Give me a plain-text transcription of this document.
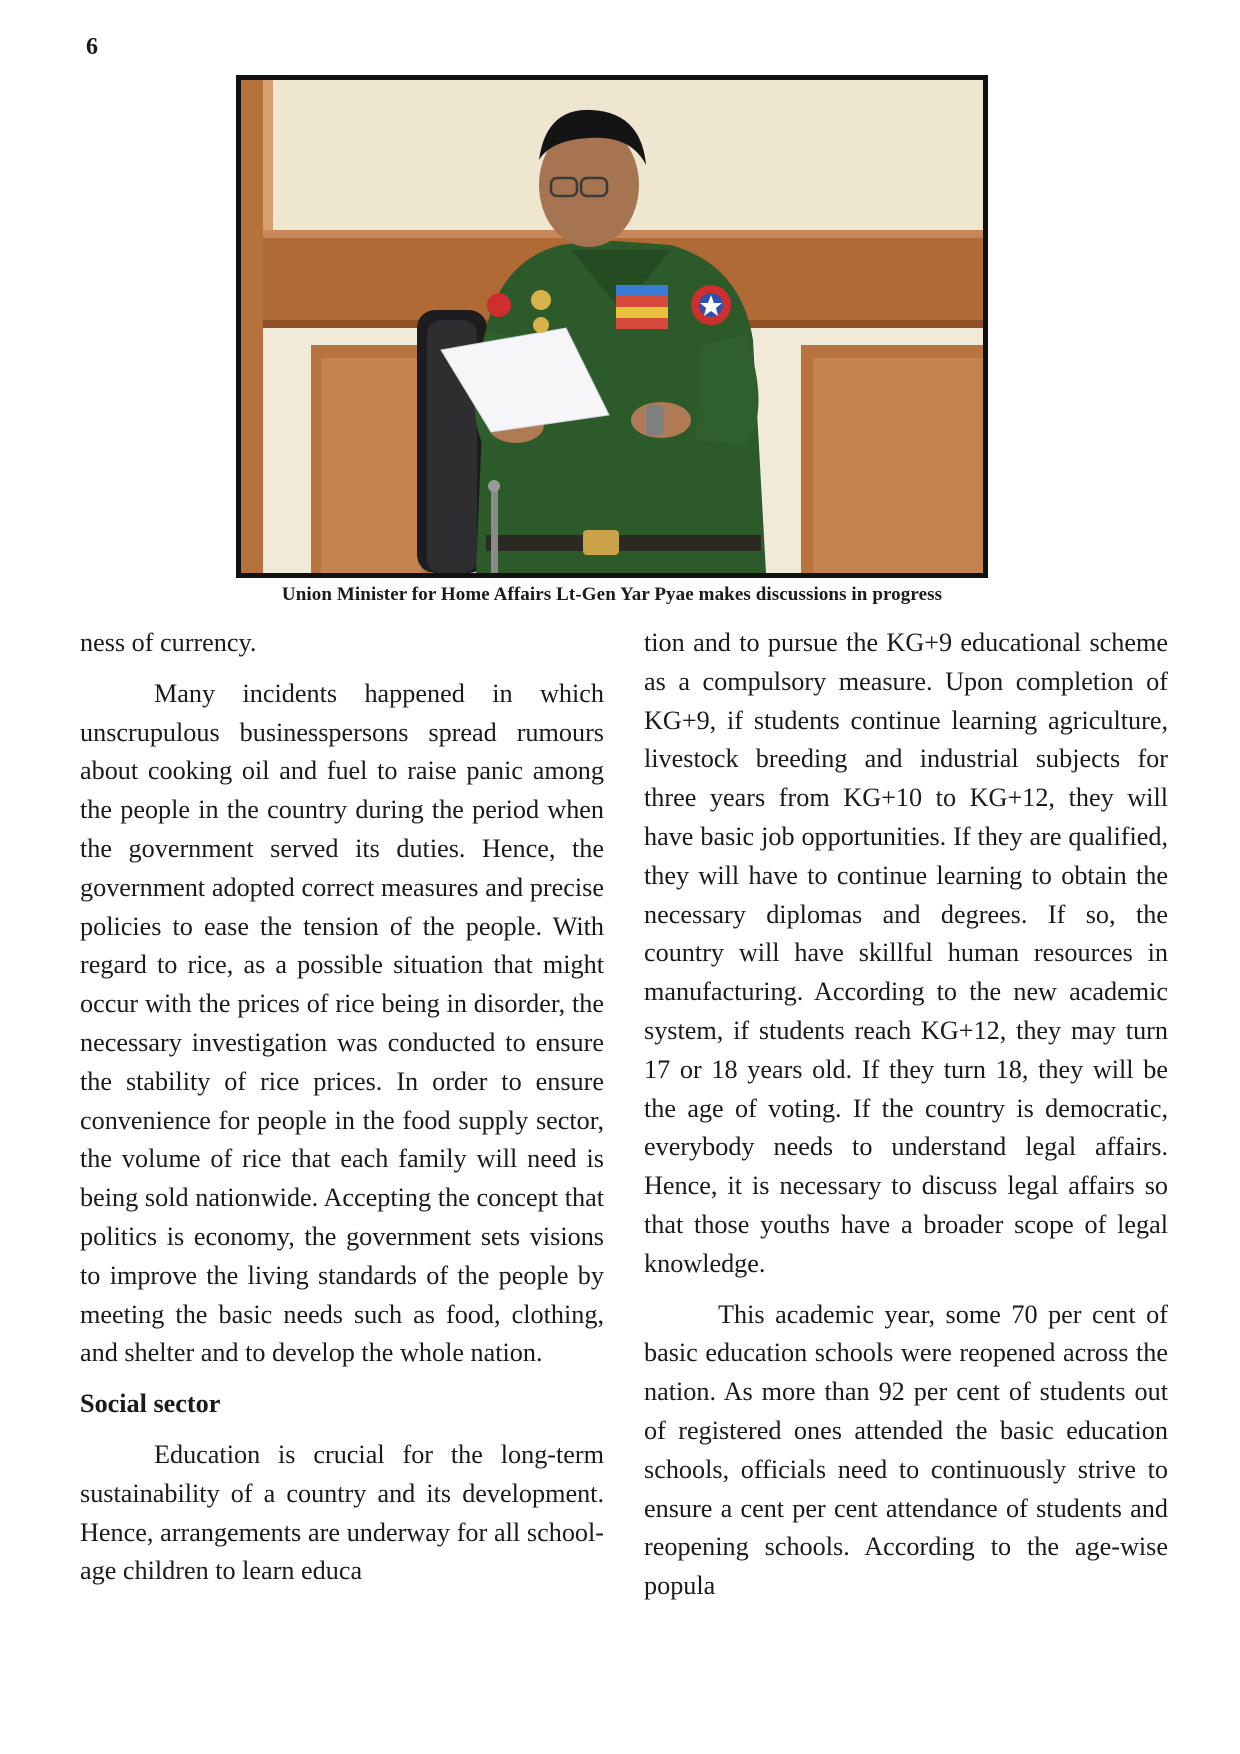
6
Union Minister for Home Affairs Lt-Gen Yar Pyae makes discussions in progress

ness of currency.

Many incidents happened in which unscrupulous businesspersons spread rumours about cooking oil and fuel to raise panic among the people in the country during the period when the government served its duties. Hence, the government adopted correct measures and precise policies to ease the tension of the people. With regard to rice, as a possible situation that might occur with the prices of rice being in disorder, the necessary investigation was conducted to ensure the stability of rice prices. In order to ensure convenience for people in the food supply sector, the volume of rice that each family will need is being sold nationwide. Accepting the concept that politics is economy, the government sets visions to improve the living standards of the people by meeting the basic needs such as food, clothing, and shelter and to develop the whole nation.

Social sector

Education is crucial for the long-term sustainability of a country and its development. Hence, arrangements are underway for all school-age children to learn educa

tion and to pursue the KG+9 educational scheme as a compulsory measure. Upon completion of KG+9, if students continue learning agriculture, livestock breeding and industrial subjects for three years from KG+10 to KG+12, they will have basic job opportunities. If they are qualified, they will have to continue learning to obtain the necessary diplomas and degrees. If so, the country will have skillful human resources in manufacturing. According to the new academic system, if students reach KG+12, they may turn 17 or 18 years old. If they turn 18, they will be the age of voting. If the country is democratic, everybody needs to understand legal affairs. Hence, it is necessary to discuss legal affairs so that those youths have a broader scope of legal knowledge.

This academic year, some 70 per cent of basic education schools were reopened across the nation. As more than 92 per cent of students out of registered ones attended the basic education schools, officials need to continuously strive to ensure a cent per cent attendance of students and reopening schools. According to the age-wise popula
